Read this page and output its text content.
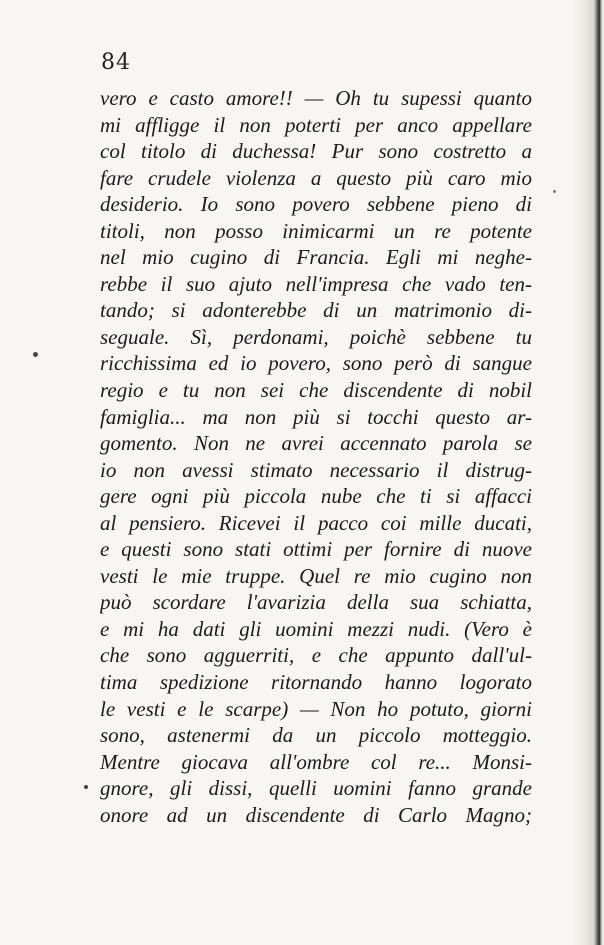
84
vero e casto amore!! — Oh tu supessi quanto
mi affligge il non poterti per anco appellare
col titolo di duchessa! Pur sono costretto a
fare crudele violenza a questo più caro mio
desiderio. Io sono povero sebbene pieno di
titoli, non posso inimicarmi un re potente
nel mio cugino di Francia. Egli mi neghe-
rebbe il suo ajuto nell'impresa che vado ten-
tando; si adonterebbe di un matrimonio di-
seguale. Sì, perdonami, poichè sebbene tu
ricchissima ed io povero, sono però di sangue
regio e tu non sei che discendente di nobil
famiglia... ma non più si tocchi questo ar-
gomento. Non ne avrei accennato parola se
io non avessi stimato necessario il distrug-
gere ogni più piccola nube che ti si affacci
al pensiero. Ricevei il pacco coi mille ducati,
e questi sono stati ottimi per fornire di nuove
vesti le mie truppe. Quel re mio cugino non
può scordare l'avarizia della sua schiatta,
e mi ha dati gli uomini mezzi nudi. (Vero è
che sono agguerriti, e che appunto dall'ul-
tima spedizione ritornando hanno logorato
le vesti e le scarpe) — Non ho potuto, giorni
sono, astenermi da un piccolo motteggio.
Mentre giocava all'ombre col re... Monsi-
gnore, gli dissi, quelli uomini fanno grande
onore ad un discendente di Carlo Magno;
